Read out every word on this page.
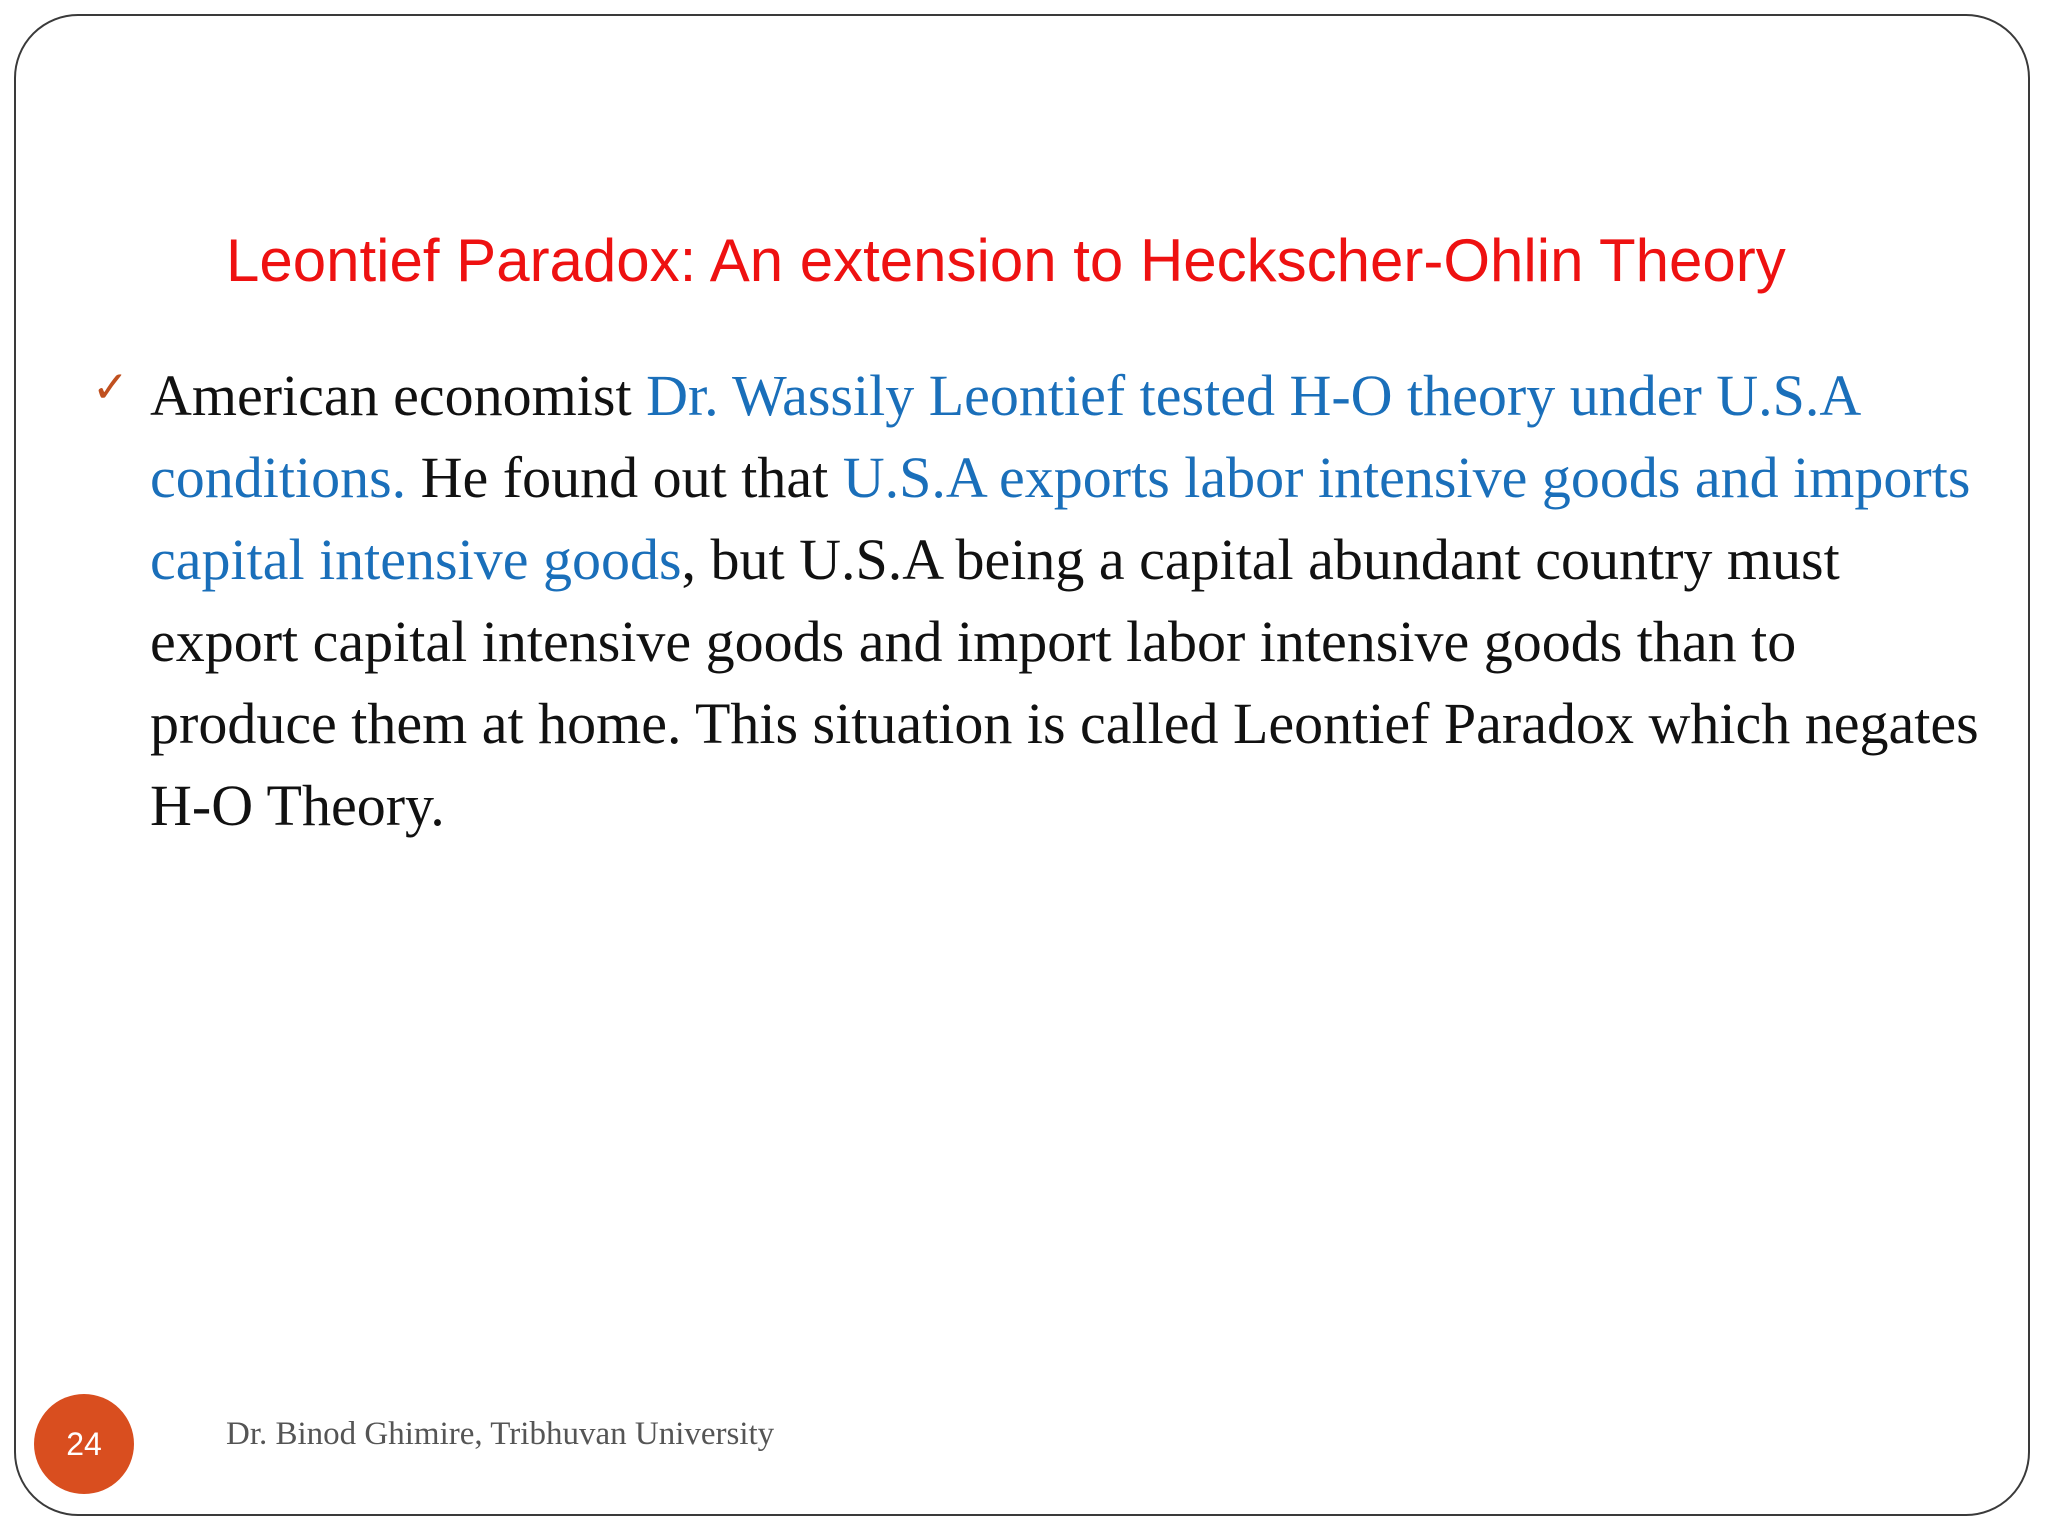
Leontief Paradox: An extension to Heckscher-Ohlin Theory
✓ American economist Dr. Wassily Leontief tested H-O theory under U.S.A conditions. He found out that U.S.A exports labor intensive goods and imports capital intensive goods, but U.S.A being a capital abundant country must export capital intensive goods and import labor intensive goods than to produce them at home. This situation is called Leontief Paradox which negates H-O Theory.
24	Dr. Binod Ghimire, Tribhuvan University
